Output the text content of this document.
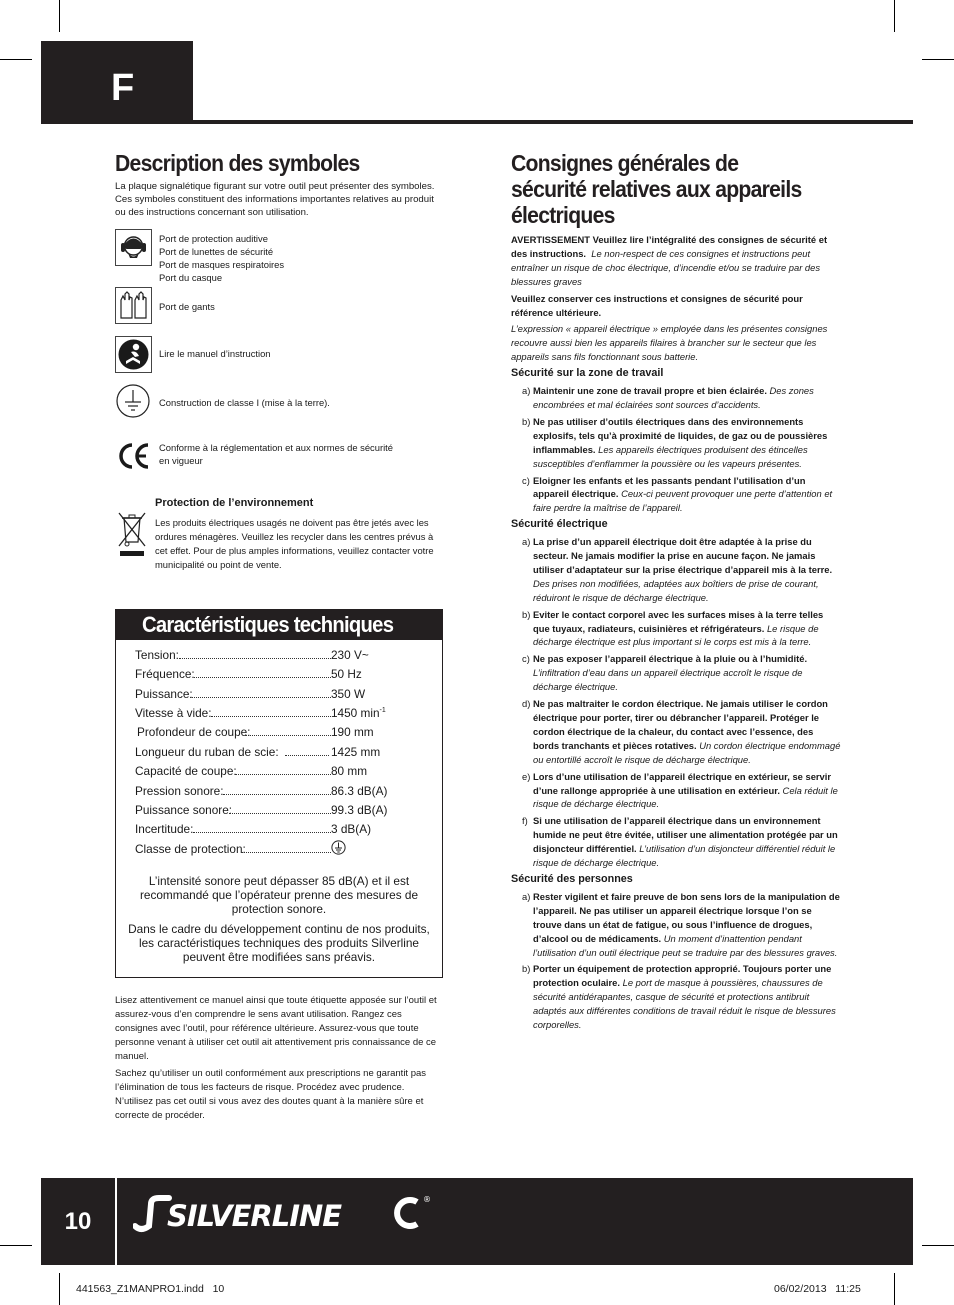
F
Description des symboles
La plaque signalétique figurant sur votre outil peut présenter des symboles. Ces symboles constituent des informations importantes relatives au produit ou des instructions concernant son utilisation.
Port de protection auditive
Port de lunettes de sécurité
Port de masques respiratoires
Port du casque
Port de gants
Lire le manuel d’instruction
Construction de classe I (mise à la terre).
Conforme à la réglementation et aux normes de sécurité
en vigueur
Protection de l’environnement
Les produits électriques usagés ne doivent pas être jetés avec les ordures ménagères. Veuillez les recycler dans les centres prévus à cet effet. Pour de plus amples informations, veuillez contacter votre municipalité ou point de vente.
Caractéristiques techniques
Tension:	230 V~
Fréquence:	50 Hz
Puissance:	350 W
Vitesse à vide:	1450 $\min^{-1}$
Profondeur de coupe:	190 mm
Longueur du ruban de scie:	1425 mm
Capacité de coupe:	80 mm
Pression sonore:	86.3 dB(A)
Puissance sonore:	99.3 dB(A)
Incertitude:	3 dB(A)
Classe de protection:
L’intensité sonore peut dépasser 85 dB(A) et il est recommandé que l’opérateur prenne des mesures de protection sonore.
Dans le cadre du développement continu de nos produits, les caractéristiques techniques des produits Silverline peuvent être modifiées sans préavis.

Lisez attentivement ce manuel ainsi que toute étiquette apposée sur l’outil et assurez-vous d’en comprendre le sens avant utilisation. Rangez ces consignes avec l’outil, pour référence ultérieure. Assurez-vous que toute personne venant à utiliser cet outil ait attentivement pris connaissance de ce manuel.

Sachez qu’utiliser un outil conformément aux prescriptions ne garantit pas l’élimination de tous les facteurs de risque. Procédez avec prudence. N’utilisez pas cet outil si vous avez des doutes quant à la manière sûre et correcte de procéder.

Consignes générales de sécurité relatives aux appareils électriques

AVERTISSEMENT Veuillez lire l’intégralité des consignes de sécurité et des instructions. Le non-respect de ces consignes et instructions peut entraîner un risque de choc électrique, d’incendie et/ou se traduire par des blessures graves

Veuillez conserver ces instructions et consignes de sécurité pour référence ultérieure.

L’expression « appareil électrique » employée dans les présentes consignes recouvre aussi bien les appareils filaires à brancher sur le secteur que les appareils sans fils fonctionnant sous batterie.

Sécurité sur la zone de travail
a) Maintenir une zone de travail propre et bien éclairée. Des zones encombrées et mal éclairées sont sources d’accidents.
b) Ne pas utiliser d’outils électriques dans des environnements explosifs, tels qu’à proximité de liquides, de gaz ou de poussières inflammables. Les appareils électriques produisent des étincelles susceptibles d’enflammer la poussière ou les vapeurs présentes.
c) Eloigner les enfants et les passants pendant l’utilisation d’un appareil électrique. Ceux-ci peuvent provoquer une perte d’attention et faire perdre la maîtrise de l’appareil.
Sécurité électrique
a) La prise d’un appareil électrique doit être adaptée à la prise du secteur. Ne jamais modifier la prise en aucune façon. Ne jamais utiliser d’adaptateur sur la prise électrique d’appareil mis à la terre. Des prises non modifiées, adaptées aux boîtiers de prise de courant, réduiront le risque de décharge électrique.
b) Eviter le contact corporel avec les surfaces mises à la terre telles que tuyaux, radiateurs, cuisinières et réfrigérateurs. Le risque de décharge électrique est plus important si le corps est mis à la terre.
c) Ne pas exposer l’appareil électrique à la pluie ou à l’humidité. L’infiltration d’eau dans un appareil électrique accroît le risque de décharge électrique.
d) Ne pas maltraiter le cordon électrique. Ne jamais utiliser le cordon électrique pour porter, tirer ou débrancher l’appareil. Protéger le cordon électrique de la chaleur, du contact avec l’essence, des bords tranchants et pièces rotatives. Un cordon électrique endommagé ou entortillé accroît le risque de décharge électrique.
e) Lors d’une utilisation de l’appareil électrique en extérieur, se servir d’une rallonge appropriée à une utilisation en extérieur. Cela réduit le risque de décharge électrique.
f) Si une utilisation de l’appareil électrique dans un environnement humide ne peut être évitée, utiliser une alimentation protégée par un disjoncteur différentiel. L’utilisation d’un disjoncteur différentiel réduit le risque de décharge électrique.
Sécurité des personnes
a) Rester vigilent et faire preuve de bon sens lors de la manipulation de l’appareil. Ne pas utiliser un appareil électrique lorsque l’on se trouve dans un état de fatigue, ou sous l’influence de drogues, d’alcool ou de médicaments. Un moment d’inattention pendant l’utilisation d’un outil électrique peut se traduire par des blessures graves.
b) Porter un équipement de protection approprié. Toujours porter une protection oculaire. Le port de masque à poussières, chaussures de sécurité antidérapantes, casque de sécurité et protections antibruit adaptés aux différentes conditions de travail réduit le risque de blessures corporelles.
10	SILVERLINE	®
441563_Z1MANPRO1.indd   10	06/02/2013   11:25
